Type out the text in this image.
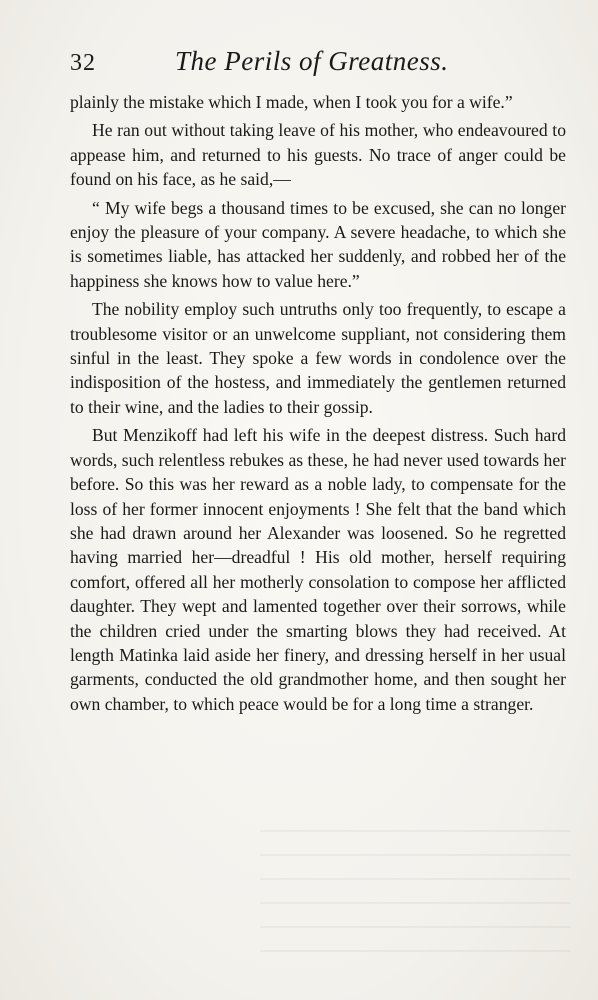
32	The Perils of Greatness.

plainly the mistake which I made, when I took you for a wife.”

He ran out without taking leave of his mother, who endeavoured to appease him, and returned to his guests. No trace of anger could be found on his face, as he said,—

“ My wife begs a thousand times to be excused, she can no longer enjoy the pleasure of your company. A severe headache, to which she is sometimes liable, has attacked her suddenly, and robbed her of the happiness she knows how to value here.”

The nobility employ such untruths only too frequently, to escape a troublesome visitor or an unwelcome suppliant, not considering them sinful in the least. They spoke a few words in condolence over the indisposition of the hostess, and immediately the gentlemen returned to their wine, and the ladies to their gossip.

But Menzikoff had left his wife in the deepest distress. Such hard words, such relentless rebukes as these, he had never used towards her before. So this was her reward as a noble lady, to compensate for the loss of her former innocent enjoyments ! She felt that the band which she had drawn around her Alexander was loosened. So he regretted having married her—dreadful ! His old mother, herself requiring comfort, offered all her motherly consolation to compose her afflicted daughter. They wept and lamented together over their sorrows, while the children cried under the smarting blows they had received. At length Matinka laid aside her finery, and dressing herself in her usual garments, conducted the old grandmother home, and then sought her own chamber, to which peace would be for a long time a stranger.
